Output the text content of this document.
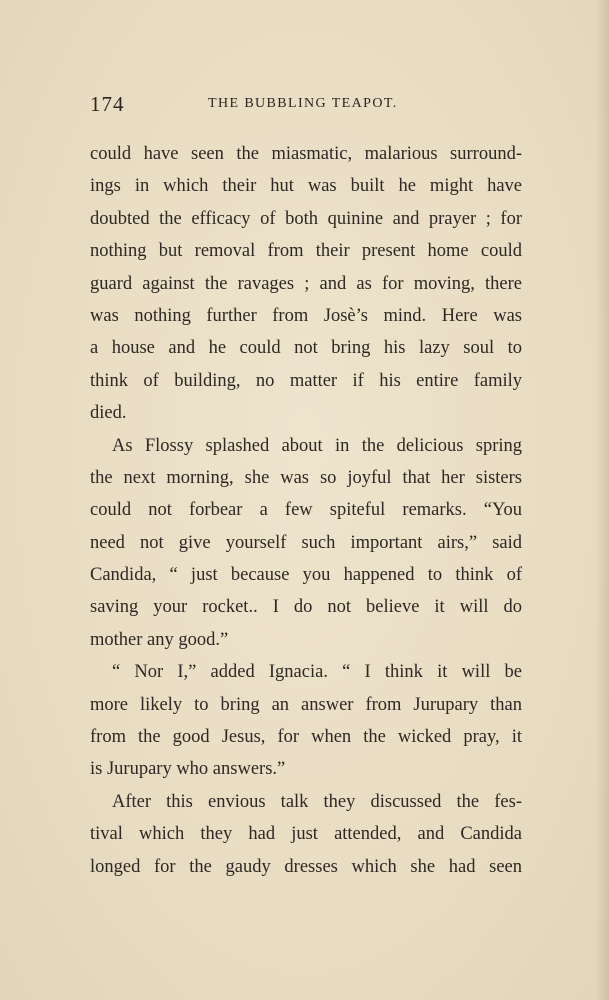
174	THE BUBBLING TEAPOT.
could have seen the miasmatic, malarious surround-
ings in which their hut was built he might have
doubted the efficacy of both quinine and prayer ; for
nothing but removal from their present home could
guard against the ravages ; and as for moving, there
was nothing further from Josè’s mind. Here was
a house and he could not bring his lazy soul to
think of building, no matter if his entire family
died.
As Flossy splashed about in the delicious spring
the next morning, she was so joyful that her sisters
could not forbear a few spiteful remarks. “You
need not give yourself such important airs,” said
Candida, “ just because you happened to think of
saving your rocket.. I do not believe it will do
mother any good.”
“ Nor I,” added Ignacia. “ I think it will be
more likely to bring an answer from Jurupary than
from the good Jesus, for when the wicked pray, it
is Jurupary who answers.”
After this envious talk they discussed the fes-
tival which they had just attended, and Candida
longed for the gaudy dresses which she had seen
